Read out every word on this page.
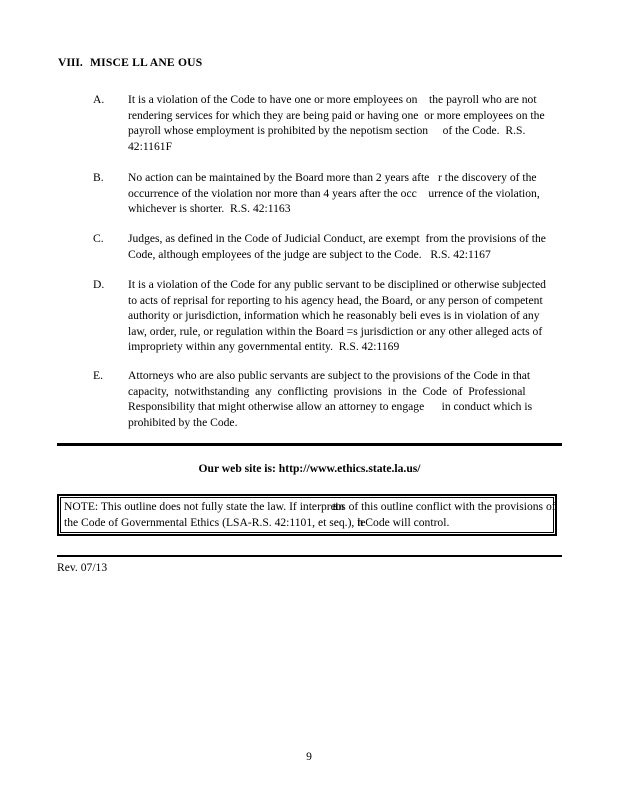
VIII. MISCE LL ANE OUS
A. It is a violation of the Code to have one or more employees on    the payroll who are not
rendering services for which they are being paid or having one  or more employees on the
payroll whose employment is prohibited by the nepotism section     of the Code.  R.S.
42:1161F
B. No action can be maintained by the Board more than 2 years afte   r the discovery of the
occurrence of the violation nor more than 4 years after the occ    urrence of the violation,
whichever is shorter.  R.S. 42:1163
C. Judges, as defined in the Code of Judicial Conduct, are exempt  from the provisions of the
Code, although employees of the judge are subject to the Code.   R.S. 42:1167
D. It is a violation of the Code for any public servant to be disciplined or otherwise subjected
to acts of reprisal for reporting to his agency head, the Board, or any person of competent
authority or jurisdiction, information which he reasonably beli eves is in violation of any
law, order, rule, or regulation within the Board =s jurisdiction or any other alleged acts of
impropriety within any governmental entity.  R.S. 42:1169
E. Attorneys who are also public servants are subject to the provisions of the Code in that
capacity,  notwithstanding  any  conflicting  provisions  in  the  Code  of  Professional
Responsibility that might otherwise allow an attorney to engage      in conduct which is
prohibited by the Code.
Our web site is: http://www.ethics.state.la.us/
NOTE: This outline does not fully state the law. If interpretations of this outline conflict with the provisions of
the Code of Governmental Ethics (LSA-R.S. 42:1101, et seq.), the Code will control.
Rev. 07/13
9
